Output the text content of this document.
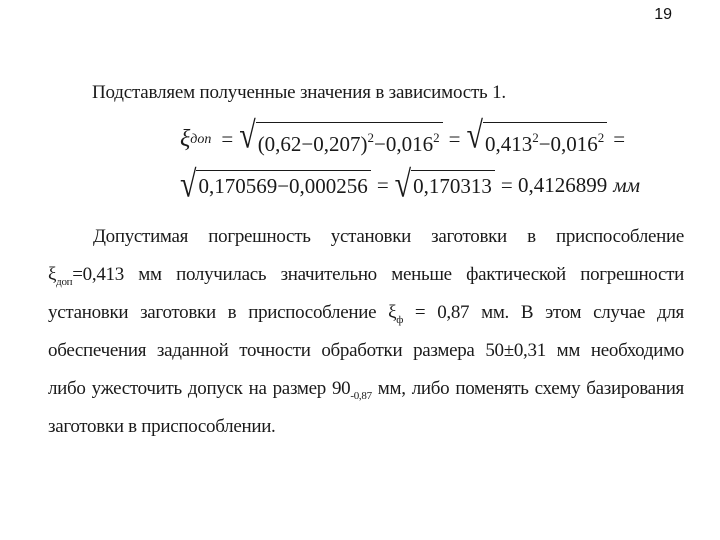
19
Подставляем полученные значения в зависимость 1.
ξ доп = √ $(0,62-0,207)^2-0,016^2$ = √ $0,413^2-0,016^2$ =
√ 0,170569−0,000256 = √ 0,170313 = 0,4126899 мм
Допустимая погрешность установки заготовки в приспособление
$\xi_{доп}=0,413$ мм получилась значительно меньше фактической погрешности
установки заготовки в приспособление $\xi_ф = 0,87$ мм. В этом случае для
обеспечения заданной точности обработки размера 50±0,31 мм необходимо
либо ужесточить допуск на размер $90_{-0,87}$ мм, либо поменять схему базирования
заготовки в приспособлении.
